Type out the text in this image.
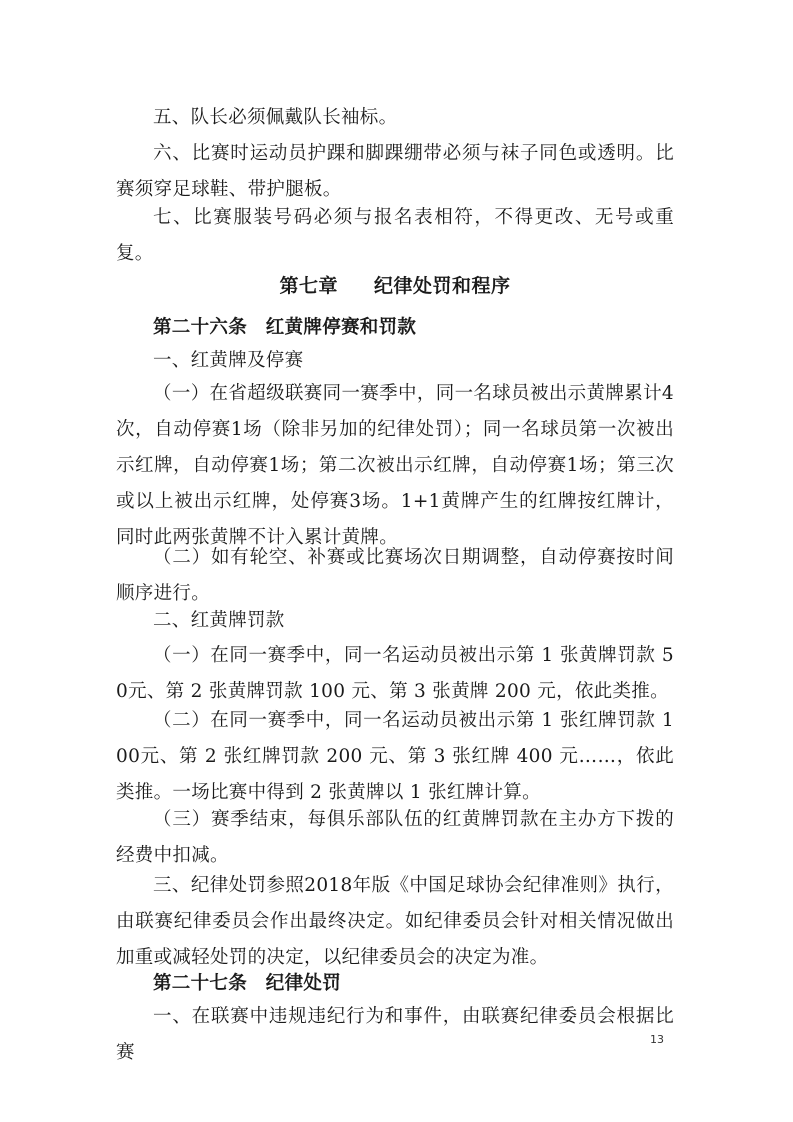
五、队长必须佩戴队长袖标。
六、比赛时运动员护踝和脚踝绷带必须与袜子同色或透明。比赛须穿足球鞋、带护腿板。
七、比赛服装号码必须与报名表相符，不得更改、无号或重复。
第七章 纪律处罚和程序
第二十六条　红黄牌停赛和罚款
一、红黄牌及停赛
（一）在省超级联赛同一赛季中，同一名球员被出示黄牌累计4次，自动停赛1场（除非另加的纪律处罚）；同一名球员第一次被出示红牌，自动停赛1场；第二次被出示红牌，自动停赛1场；第三次或以上被出示红牌，处停赛3场。1+1黄牌产生的红牌按红牌计，同时此两张黄牌不计入累计黄牌。
（二）如有轮空、补赛或比赛场次日期调整，自动停赛按时间顺序进行。
二、红黄牌罚款
（一）在同一赛季中，同一名运动员被出示第 1 张黄牌罚款 50元、第 2 张黄牌罚款 100 元、第 3 张黄牌 200 元，依此类推。
（二）在同一赛季中，同一名运动员被出示第 1 张红牌罚款 100元、第 2 张红牌罚款 200 元、第 3 张红牌 400 元……，依此类推。一场比赛中得到 2 张黄牌以 1 张红牌计算。
（三）赛季结束，每俱乐部队伍的红黄牌罚款在主办方下拨的经费中扣减。
三、纪律处罚参照2018年版《中国足球协会纪律准则》执行，由联赛纪律委员会作出最终决定。如纪律委员会针对相关情况做出加重或减轻处罚的决定，以纪律委员会的决定为准。
第二十七条　纪律处罚
一、在联赛中违规违纪行为和事件，由联赛纪律委员会根据比赛
13
